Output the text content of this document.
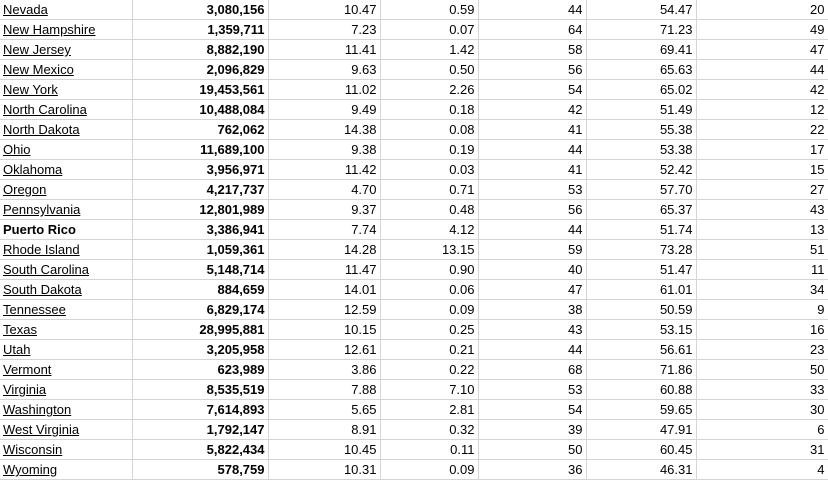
Nevada	3,080,156	10.47	0.59	44	54.47	20
New Hampshire	1,359,711	7.23	0.07	64	71.23	49
New Jersey	8,882,190	11.41	1.42	58	69.41	47
New Mexico	2,096,829	9.63	0.50	56	65.63	44
New York	19,453,561	11.02	2.26	54	65.02	42
North Carolina	10,488,084	9.49	0.18	42	51.49	12
North Dakota	762,062	14.38	0.08	41	55.38	22
Ohio	11,689,100	9.38	0.19	44	53.38	17
Oklahoma	3,956,971	11.42	0.03	41	52.42	15
Oregon	4,217,737	4.70	0.71	53	57.70	27
Pennsylvania	12,801,989	9.37	0.48	56	65.37	43
Puerto Rico	3,386,941	7.74	4.12	44	51.74	13
Rhode Island	1,059,361	14.28	13.15	59	73.28	51
South Carolina	5,148,714	11.47	0.90	40	51.47	11
South Dakota	884,659	14.01	0.06	47	61.01	34
Tennessee	6,829,174	12.59	0.09	38	50.59	9
Texas	28,995,881	10.15	0.25	43	53.15	16
Utah	3,205,958	12.61	0.21	44	56.61	23
Vermont	623,989	3.86	0.22	68	71.86	50
Virginia	8,535,519	7.88	7.10	53	60.88	33
Washington	7,614,893	5.65	2.81	54	59.65	30
West Virginia	1,792,147	8.91	0.32	39	47.91	6
Wisconsin	5,822,434	10.45	0.11	50	60.45	31
Wyoming	578,759	10.31	0.09	36	46.31	4
